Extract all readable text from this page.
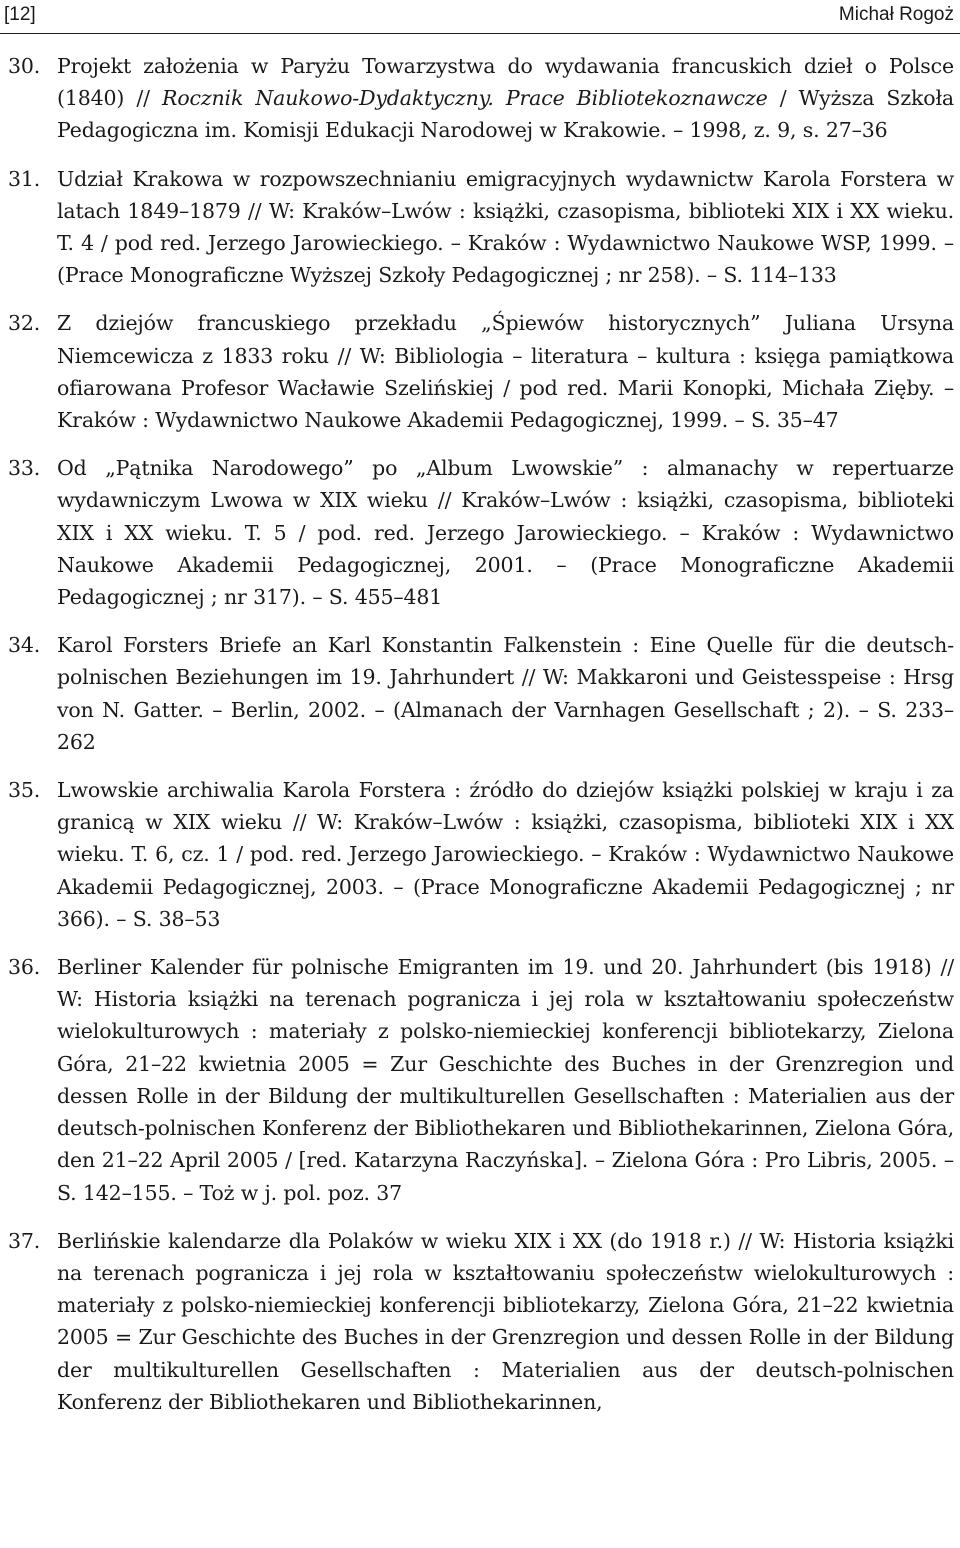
[12]	Michał Rogoż
30. Projekt założenia w Paryżu Towarzystwa do wydawania francuskich dzieł o Polsce (1840) // Rocznik Naukowo-Dydaktyczny. Prace Bibliotekoznawcze / Wyższa Szkoła Pedagogiczna im. Komisji Edukacji Narodowej w Krakowie. – 1998, z. 9, s. 27–36
31. Udział Krakowa w rozpowszechnianiu emigracyjnych wydawnictw Karola Forstera w latach 1849–1879 // W: Kraków–Lwów : książki, czasopisma, biblioteki XIX i XX wieku. T. 4 / pod red. Jerzego Jarowieckiego. – Kraków : Wydawnictwo Naukowe WSP, 1999. – (Prace Monograficzne Wyższej Szkoły Pedagogicznej ; nr 258). – S. 114–133
32. Z dziejów francuskiego przekładu „Śpiewów historycznych” Juliana Ursyna Niemcewicza z 1833 roku // W: Bibliologia – literatura – kultura : księga pamiątkowa ofiarowana Profesor Wacławie Szelińskiej / pod red. Marii Konopki, Michała Zięby. – Kraków : Wydawnictwo Naukowe Akademii Pedagogicznej, 1999. – S. 35–47
33. Od „Pątnika Narodowego” po „Album Lwowskie” : almanachy w repertuarze wydawniczym Lwowa w XIX wieku // Kraków–Lwów : książki, czasopisma, biblioteki XIX i XX wieku. T. 5 / pod. red. Jerzego Jarowieckiego. – Kraków : Wydawnictwo Naukowe Akademii Pedagogicznej, 2001. – (Prace Monograficzne Akademii Pedagogicznej ; nr 317). – S. 455–481
34. Karol Forsters Briefe an Karl Konstantin Falkenstein : Eine Quelle für die deutsch-polnischen Beziehungen im 19. Jahrhundert // W: Makkaroni und Geistesspeise : Hrsg von N. Gatter. – Berlin, 2002. – (Almanach der Varnhagen Gesellschaft ; 2). – S. 233–262
35. Lwowskie archiwalia Karola Forstera : źródło do dziejów książki polskiej w kraju i za granicą w XIX wieku // W: Kraków–Lwów : książki, czasopisma, biblioteki XIX i XX wieku. T. 6, cz. 1 / pod. red. Jerzego Jarowieckiego. – Kraków : Wydawnictwo Naukowe Akademii Pedagogicznej, 2003. – (Prace Monograficzne Akademii Pedagogicznej ; nr 366). – S. 38–53
36. Berliner Kalender für polnische Emigranten im 19. und 20. Jahrhundert (bis 1918) // W: Historia książki na terenach pogranicza i jej rola w kształtowaniu społeczeństw wielokulturowych : materiały z polsko-niemieckiej konferencji bibliotekarzy, Zielona Góra, 21–22 kwietnia 2005 = Zur Geschichte des Buches in der Grenzregion und dessen Rolle in der Bildung der multikulturellen Gesellschaften : Materialien aus der deutsch-polnischen Konferenz der Bibliothekaren und Bibliothekarinnen, Zielona Góra, den 21–22 April 2005 / [red. Katarzyna Raczyńska]. – Zielona Góra : Pro Libris, 2005. – S. 142–155. – Toż w j. pol. poz. 37
37. Berlińskie kalendarze dla Polaków w wieku XIX i XX (do 1918 r.) // W: Historia książki na terenach pogranicza i jej rola w kształtowaniu społeczeństw wielokulturowych : materiały z polsko-niemieckiej konferencji bibliotekarzy, Zielona Góra, 21–22 kwietnia 2005 = Zur Geschichte des Buches in der Grenzregion und dessen Rolle in der Bildung der multikulturellen Gesellschaften : Materialien aus der deutsch-polnischen Konferenz der Bibliothekaren und Bibliothekarinnen,
